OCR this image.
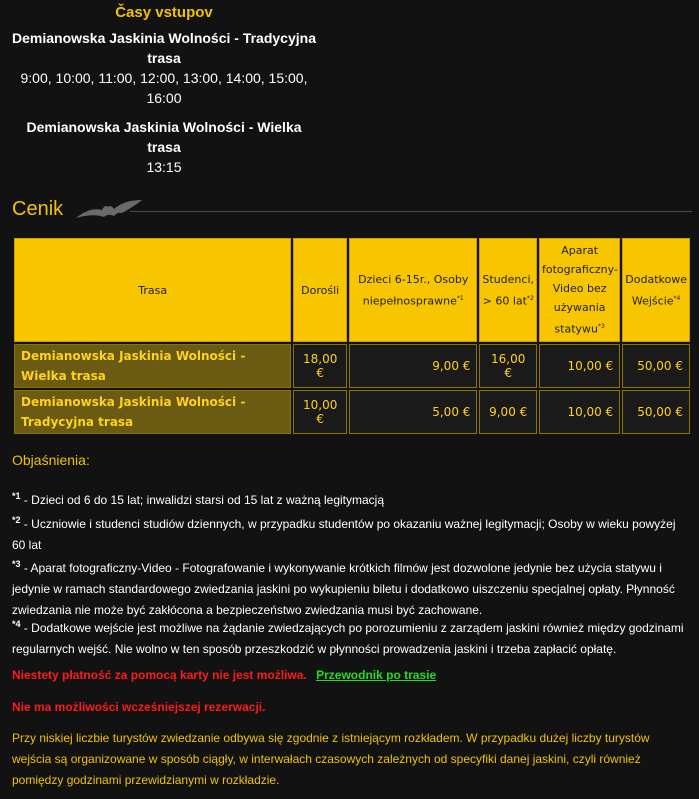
Časy vstupov
Demianowska Jaskinia Wolności - Tradycyjna trasa
9:00, 10:00, 11:00, 12:00, 13:00, 14:00, 15:00, 16:00
Demianowska Jaskinia Wolności - Wielka trasa
13:15
Cenik
Trasa	Dorośli	Dzieci 6-15r., Osoby niepełnosprawne$^{*1}$	Studenci, > 60 lat$^{*2}$	Aparat fotograficzny-Video bez używania statywu$^{*3}$	Dodatkowe Wejście$^{*4}$
Demianowska Jaskinia Wolności - Wielka trasa	18,00 €	9,00 €	16,00 €	10,00 €	50,00 €
Demianowska Jaskinia Wolności - Tradycyjna trasa	10,00 €	5,00 €	9,00 €	10,00 €	50,00 €
Objaśnienia:
$^{*1}$ - Dzieci od 6 do 15 lat; inwalidzi starsi od 15 lat z ważną legitymacją
$^{*2}$ - Uczniowie i studenci studiów dziennych, w przypadku studentów po okazaniu ważnej legitymacji; Osoby w wieku powyżej 60 lat
$^{*3}$ - Aparat fotograficzny-Video - Fotografowanie i wykonywanie krótkich filmów jest dozwolone jedynie bez użycia statywu i jedynie w ramach standardowego zwiedzania jaskini po wykupieniu biletu i dodatkowo uiszczeniu specjalnej opłaty. Płynność zwiedzania nie może być zakłócona a bezpieczeństwo zwiedzania musi być zachowane.
$^{*4}$ - Dodatkowe wejście jest możliwe na żądanie zwiedzających po porozumieniu z zarządem jaskini również między godzinami regularnych wejść. Nie wolno w ten sposób przeszkodzić w płynności prowadzenia jaskini i trzeba zapłacić opłatę.
Niestety płatność za pomocą karty nie jest możliwa. Przewodnik po trasie
Nie ma możliwości wcześniejszej rezerwacji.
Przy niskiej liczbie turystów zwiedzanie odbywa się zgodnie z istniejącym rozkładem. W przypadku dużej liczby turystów wejścia są organizowane w sposób ciągły, w interwałach czasowych zależnych od specyfiki danej jaskini, czyli również pomiędzy godzinami przewidzianymi w rozkładzie.
